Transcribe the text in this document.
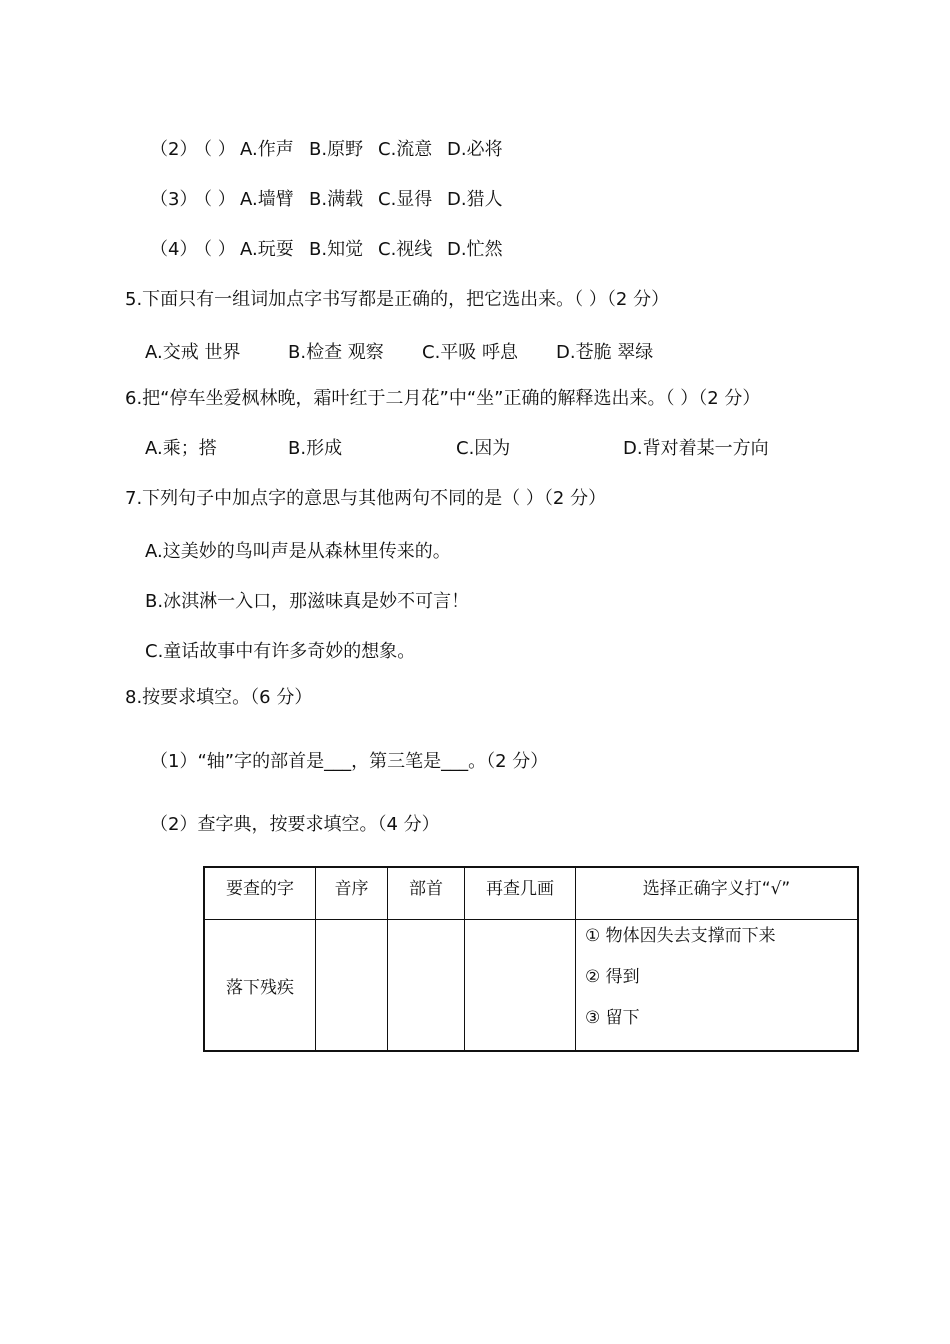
（2）（ ） A.作声 B.原野 C.流意 D.必将
（3）（ ） A.墙臂 B.满载 C.显得 D.猎人
（4）（ ） A.玩耍 B.知觉 C.视线 D.忙然
5.下面只有一组词加点字书写都是正确的，把它选出来。（ ）（2 分）
A.交戒 世界	B.检查 观察 C.平吸 呼息 D.苍脆 翠绿
6.把“停车坐爱枫林晚，霜叶红于二月花”中“坐”正确的解释选出来。（ ）（2 分）
A.乘；搭	B.形成	C.因为	D.背对着某一方向
7.下列句子中加点字的意思与其他两句不同的是（ ）（2 分）
A.这美妙的鸟叫声是从森林里传来的。
B.冰淇淋一入口，那滋味真是妙不可言！
C.童话故事中有许多奇妙的想象。
8.按要求填空。（6 分）
（1）“轴”字的部首是___，第三笔是___。（2 分）
（2）查字典，按要求填空。（4 分）
要查的字	音序	部首	再查几画	选择正确字义打“√”
落下残疾				① 物体因失去支撑而下来
② 得到
③ 留下
